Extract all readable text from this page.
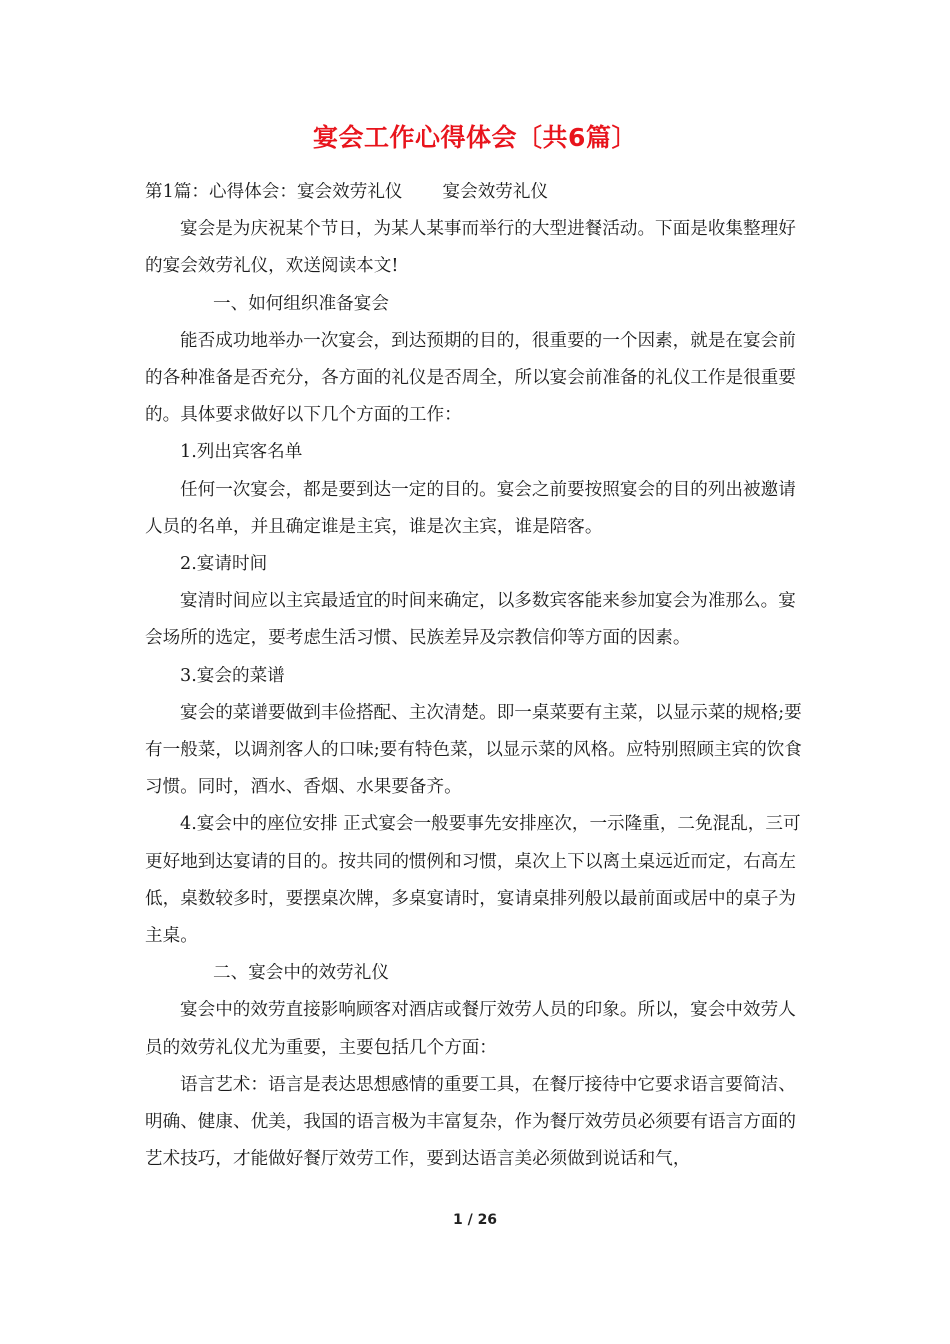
宴会工作心得体会〔共6篇〕

第1篇：心得体会：宴会效劳礼仪 宴会效劳礼仪

宴会是为庆祝某个节日，为某人某事而举行的大型进餐活动。下面是收集整理好的宴会效劳礼仪，欢送阅读本文!

一、如何组织准备宴会

能否成功地举办一次宴会，到达预期的目的，很重要的一个因素，就是在宴会前的各种准备是否充分，各方面的礼仪是否周全，所以宴会前准备的礼仪工作是很重要的。具体要求做好以下几个方面的工作：

1.列出宾客名单

任何一次宴会，都是要到达一定的目的。宴会之前要按照宴会的目的列出被邀请人员的名单，并且确定谁是主宾，谁是次主宾，谁是陪客。

2.宴请时间

宴清时间应以主宾最适宜的时间来确定，以多数宾客能来参加宴会为准那么。宴会场所的选定，要考虑生活习惯、民族差异及宗教信仰等方面的因素。

3.宴会的菜谱

宴会的菜谱要做到丰俭搭配、主次清楚。即一桌菜要有主菜，以显示菜的规格;要有一般菜，以调剂客人的口味;要有特色菜，以显示菜的风格。应特别照顾主宾的饮食习惯。同时，酒水、香烟、水果要备齐。

4.宴会中的座位安排 正式宴会一般要事先安排座次，一示隆重，二免混乱，三可更好地到达宴请的目的。按共同的惯例和习惯，桌次上下以离土桌远近而定，右高左低，桌数较多时，要摆桌次牌，多桌宴请时，宴请桌排列般以最前面或居中的桌子为主桌。

二、宴会中的效劳礼仪

宴会中的效劳直接影响顾客对酒店或餐厅效劳人员的印象。所以，宴会中效劳人员的效劳礼仪尤为重要，主要包括几个方面：

语言艺术：语言是表达思想感情的重要工具，在餐厅接待中它要求语言要简洁、明确、健康、优美，我国的语言极为丰富复杂，作为餐厅效劳员必须要有语言方面的艺术技巧，才能做好餐厅效劳工作，要到达语言美必须做到说话和气，

1 / 26
